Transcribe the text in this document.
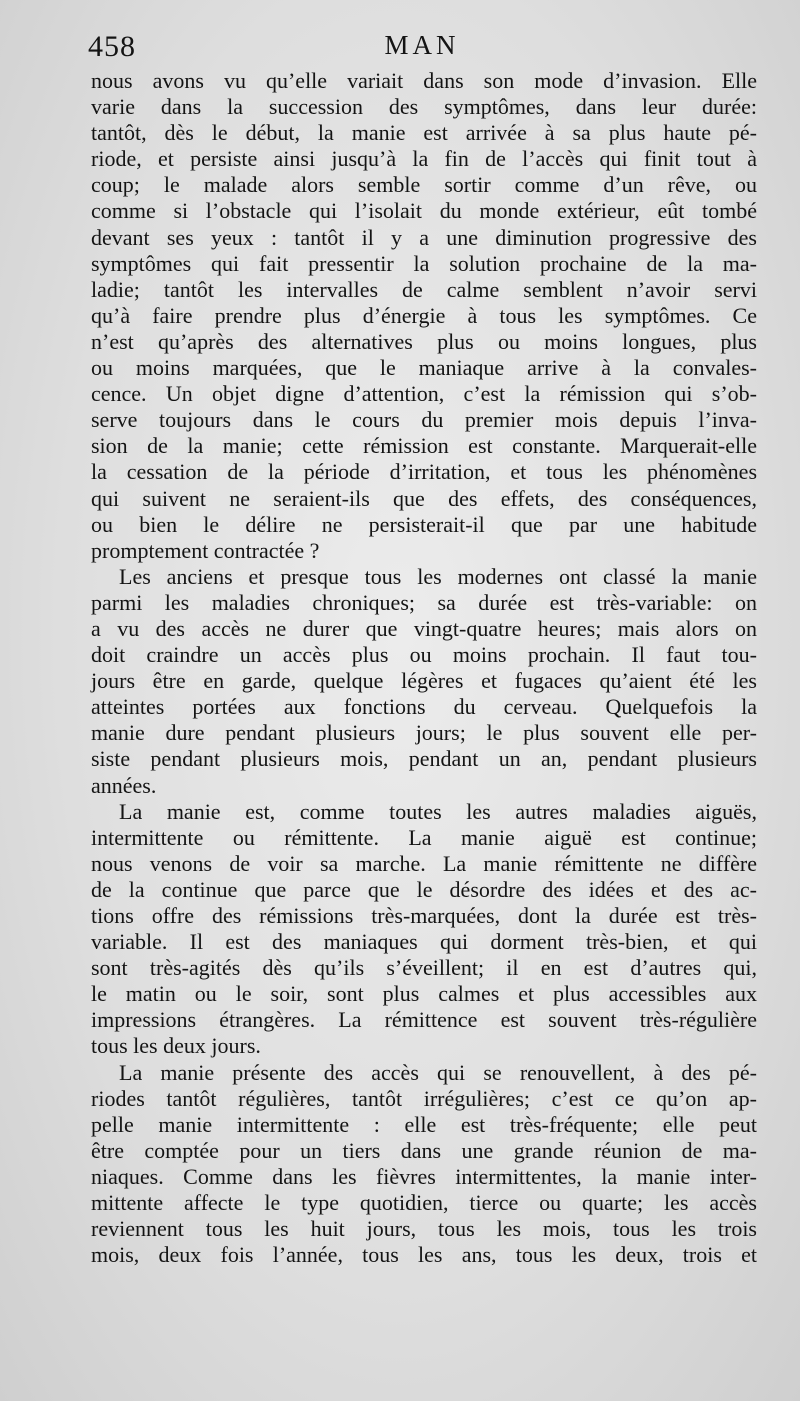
458	MAN
nous avons vu qu’elle variait dans son mode d’invasion. Elle
varie dans la succession des symptômes, dans leur durée:
tantôt, dès le début, la manie est arrivée à sa plus haute pé-
riode, et persiste ainsi jusqu’à la fin de l’accès qui finit tout à
coup; le malade alors semble sortir comme d’un rêve, ou
comme si l’obstacle qui l’isolait du monde extérieur, eût tombé
devant ses yeux : tantôt il y a une diminution progressive des
symptômes qui fait pressentir la solution prochaine de la ma-
ladie; tantôt les intervalles de calme semblent n’avoir servi
qu’à faire prendre plus d’énergie à tous les symptômes. Ce
n’est qu’après des alternatives plus ou moins longues, plus
ou moins marquées, que le maniaque arrive à la convales-
cence. Un objet digne d’attention, c’est la rémission qui s’ob-
serve toujours dans le cours du premier mois depuis l’inva-
sion de la manie; cette rémission est constante. Marquerait-elle
la cessation de la période d’irritation, et tous les phénomènes
qui suivent ne seraient-ils que des effets, des conséquences,
ou bien le délire ne persisterait-il que par une habitude
promptement contractée ?
Les anciens et presque tous les modernes ont classé la manie
parmi les maladies chroniques; sa durée est très-variable: on
a vu des accès ne durer que vingt-quatre heures; mais alors on
doit craindre un accès plus ou moins prochain. Il faut tou-
jours être en garde, quelque légères et fugaces qu’aient été les
atteintes portées aux fonctions du cerveau. Quelquefois la
manie dure pendant plusieurs jours; le plus souvent elle per-
siste pendant plusieurs mois, pendant un an, pendant plusieurs
années.
La manie est, comme toutes les autres maladies aiguës,
intermittente ou rémittente. La manie aiguë est continue;
nous venons de voir sa marche. La manie rémittente ne diffère
de la continue que parce que le désordre des idées et des ac-
tions offre des rémissions très-marquées, dont la durée est très-
variable. Il est des maniaques qui dorment très-bien, et qui
sont très-agités dès qu’ils s’éveillent; il en est d’autres qui,
le matin ou le soir, sont plus calmes et plus accessibles aux
impressions étrangères. La rémittence est souvent très-régulière
tous les deux jours.
La manie présente des accès qui se renouvellent, à des pé-
riodes tantôt régulières, tantôt irrégulières; c’est ce qu’on ap-
pelle manie intermittente : elle est très-fréquente; elle peut
être comptée pour un tiers dans une grande réunion de ma-
niaques. Comme dans les fièvres intermittentes, la manie inter-
mittente affecte le type quotidien, tierce ou quarte; les accès
reviennent tous les huit jours, tous les mois, tous les trois
mois, deux fois l’année, tous les ans, tous les deux, trois et
